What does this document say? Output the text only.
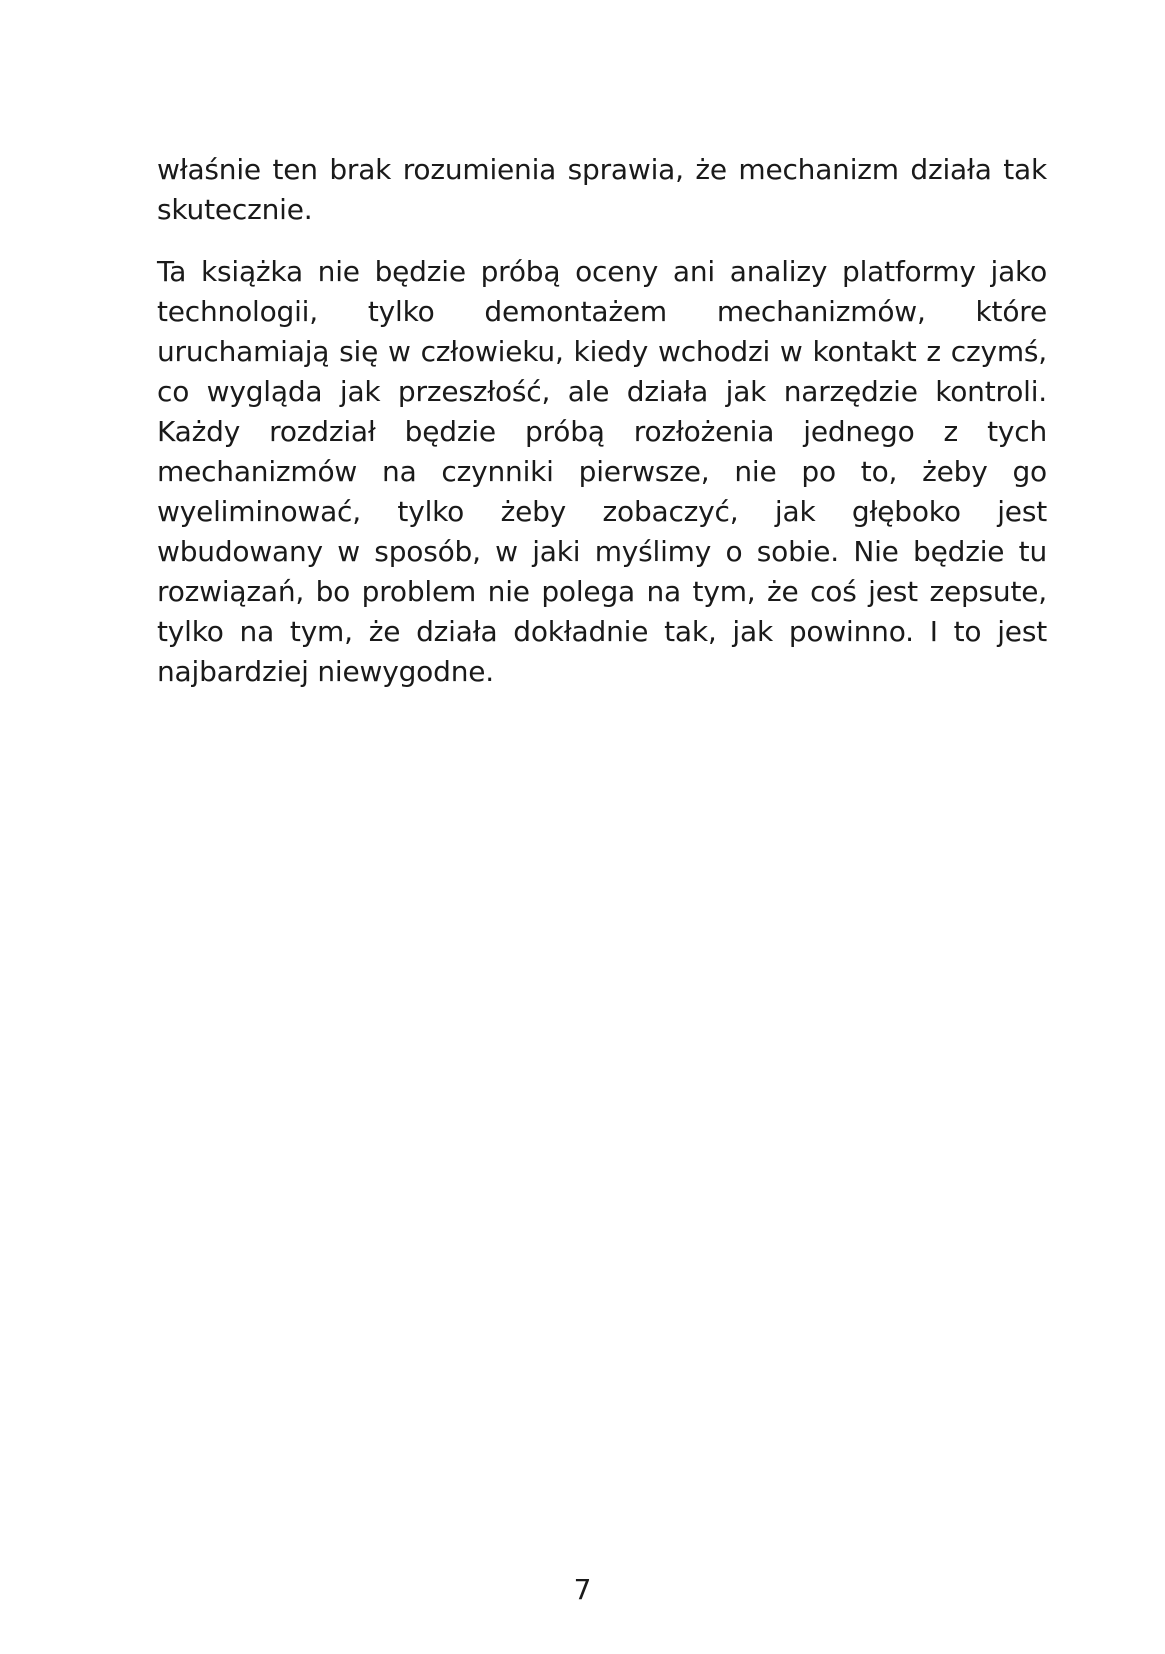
właśnie ten brak rozumienia sprawia, że mechanizm działa tak skutecznie.

Ta książka nie będzie próbą oceny ani analizy platformy jako technologii, tylko demontażem mechanizmów, które uruchamiają się w człowieku, kiedy wchodzi w kontakt z czymś, co wygląda jak przeszłość, ale działa jak narzędzie kontroli. Każdy rozdział będzie próbą rozłożenia jednego z tych mechanizmów na czynniki pierwsze, nie po to, żeby go wyeliminować, tylko żeby zobaczyć, jak głęboko jest wbudowany w sposób, w jaki myślimy o sobie. Nie będzie tu rozwiązań, bo problem nie polega na tym, że coś jest zepsute, tylko na tym, że działa dokładnie tak, jak powinno. I to jest najbardziej niewygodne.

7
